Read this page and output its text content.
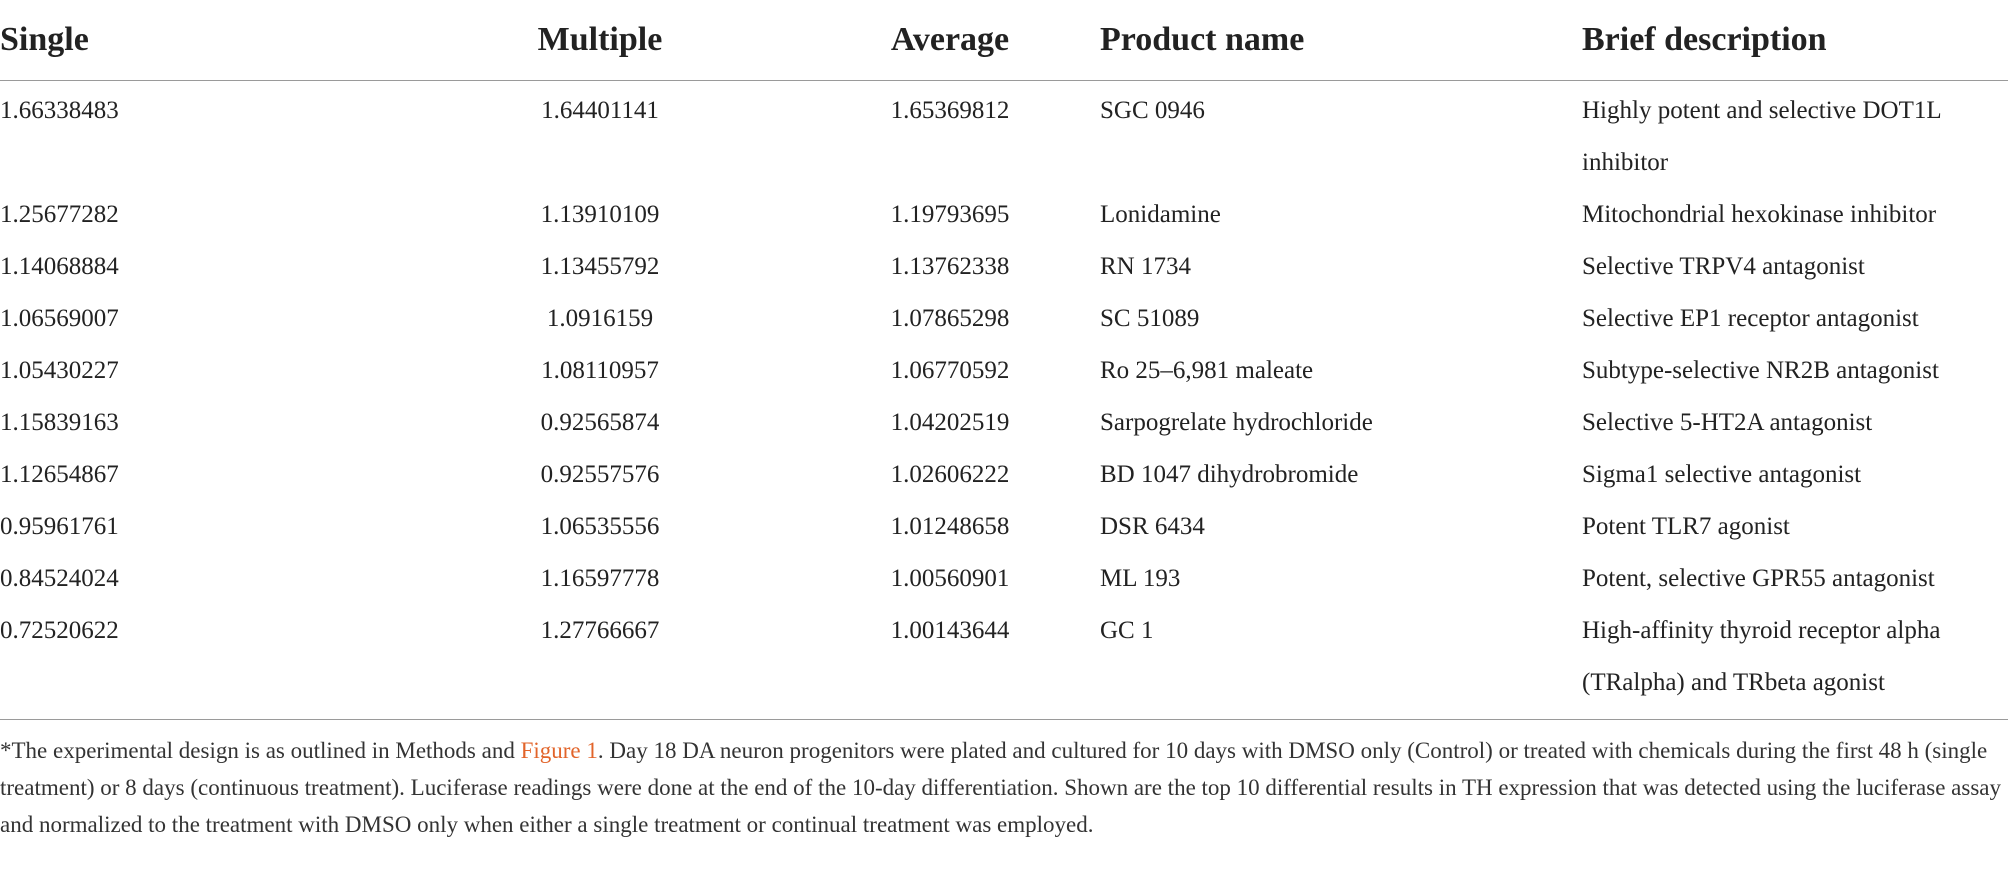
Single	Multiple	Average	Product name	Brief description
1.66338483	1.64401141	1.65369812	SGC 0946	Highly potent and selective DOT1L inhibitor
1.25677282	1.13910109	1.19793695	Lonidamine	Mitochondrial hexokinase inhibitor
1.14068884	1.13455792	1.13762338	RN 1734	Selective TRPV4 antagonist
1.06569007	1.0916159	1.07865298	SC 51089	Selective EP1 receptor antagonist
1.05430227	1.08110957	1.06770592	Ro 25–6,981 maleate	Subtype-selective NR2B antagonist
1.15839163	0.92565874	1.04202519	Sarpogrelate hydrochloride	Selective 5-HT2A antagonist
1.12654867	0.92557576	1.02606222	BD 1047 dihydrobromide	Sigma1 selective antagonist
0.95961761	1.06535556	1.01248658	DSR 6434	Potent TLR7 agonist
0.84524024	1.16597778	1.00560901	ML 193	Potent, selective GPR55 antagonist
0.72520622	1.27766667	1.00143644	GC 1	High-affinity thyroid receptor alpha (TRalpha) and TRbeta agonist
*The experimental design is as outlined in Methods and Figure 1. Day 18 DA neuron progenitors were plated and cultured for 10 days with DMSO only (Control) or treated with chemicals during the first 48 h (single treatment) or 8 days (continuous treatment). Luciferase readings were done at the end of the 10-day differentiation. Shown are the top 10 differential results in TH expression that was detected using the luciferase assay and normalized to the treatment with DMSO only when either a single treatment or continual treatment was employed.
